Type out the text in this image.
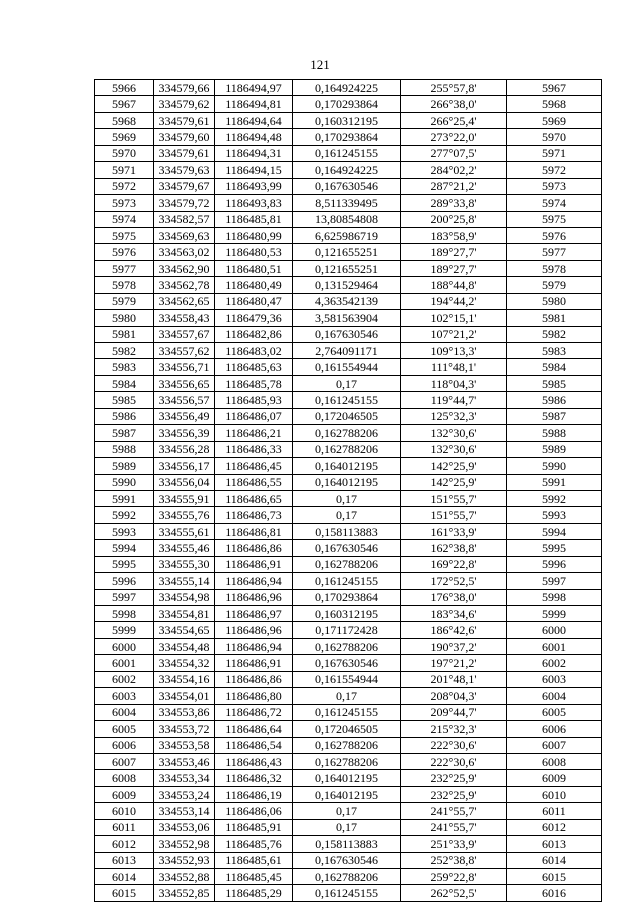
121
5966	334579,66	1186494,97	0,164924225	255°57,8'	5967
5967	334579,62	1186494,81	0,170293864	266°38,0'	5968
5968	334579,61	1186494,64	0,160312195	266°25,4'	5969
5969	334579,60	1186494,48	0,170293864	273°22,0'	5970
5970	334579,61	1186494,31	0,161245155	277°07,5'	5971
5971	334579,63	1186494,15	0,164924225	284°02,2'	5972
5972	334579,67	1186493,99	0,167630546	287°21,2'	5973
5973	334579,72	1186493,83	8,511339495	289°33,8'	5974
5974	334582,57	1186485,81	13,80854808	200°25,8'	5975
5975	334569,63	1186480,99	6,625986719	183°58,9'	5976
5976	334563,02	1186480,53	0,121655251	189°27,7'	5977
5977	334562,90	1186480,51	0,121655251	189°27,7'	5978
5978	334562,78	1186480,49	0,131529464	188°44,8'	5979
5979	334562,65	1186480,47	4,363542139	194°44,2'	5980
5980	334558,43	1186479,36	3,581563904	102°15,1'	5981
5981	334557,67	1186482,86	0,167630546	107°21,2'	5982
5982	334557,62	1186483,02	2,764091171	109°13,3'	5983
5983	334556,71	1186485,63	0,161554944	111°48,1'	5984
5984	334556,65	1186485,78	0,17	118°04,3'	5985
5985	334556,57	1186485,93	0,161245155	119°44,7'	5986
5986	334556,49	1186486,07	0,172046505	125°32,3'	5987
5987	334556,39	1186486,21	0,162788206	132°30,6'	5988
5988	334556,28	1186486,33	0,162788206	132°30,6'	5989
5989	334556,17	1186486,45	0,164012195	142°25,9'	5990
5990	334556,04	1186486,55	0,164012195	142°25,9'	5991
5991	334555,91	1186486,65	0,17	151°55,7'	5992
5992	334555,76	1186486,73	0,17	151°55,7'	5993
5993	334555,61	1186486,81	0,158113883	161°33,9'	5994
5994	334555,46	1186486,86	0,167630546	162°38,8'	5995
5995	334555,30	1186486,91	0,162788206	169°22,8'	5996
5996	334555,14	1186486,94	0,161245155	172°52,5'	5997
5997	334554,98	1186486,96	0,170293864	176°38,0'	5998
5998	334554,81	1186486,97	0,160312195	183°34,6'	5999
5999	334554,65	1186486,96	0,171172428	186°42,6'	6000
6000	334554,48	1186486,94	0,162788206	190°37,2'	6001
6001	334554,32	1186486,91	0,167630546	197°21,2'	6002
6002	334554,16	1186486,86	0,161554944	201°48,1'	6003
6003	334554,01	1186486,80	0,17	208°04,3'	6004
6004	334553,86	1186486,72	0,161245155	209°44,7'	6005
6005	334553,72	1186486,64	0,172046505	215°32,3'	6006
6006	334553,58	1186486,54	0,162788206	222°30,6'	6007
6007	334553,46	1186486,43	0,162788206	222°30,6'	6008
6008	334553,34	1186486,32	0,164012195	232°25,9'	6009
6009	334553,24	1186486,19	0,164012195	232°25,9'	6010
6010	334553,14	1186486,06	0,17	241°55,7'	6011
6011	334553,06	1186485,91	0,17	241°55,7'	6012
6012	334552,98	1186485,76	0,158113883	251°33,9'	6013
6013	334552,93	1186485,61	0,167630546	252°38,8'	6014
6014	334552,88	1186485,45	0,162788206	259°22,8'	6015
6015	334552,85	1186485,29	0,161245155	262°52,5'	6016
